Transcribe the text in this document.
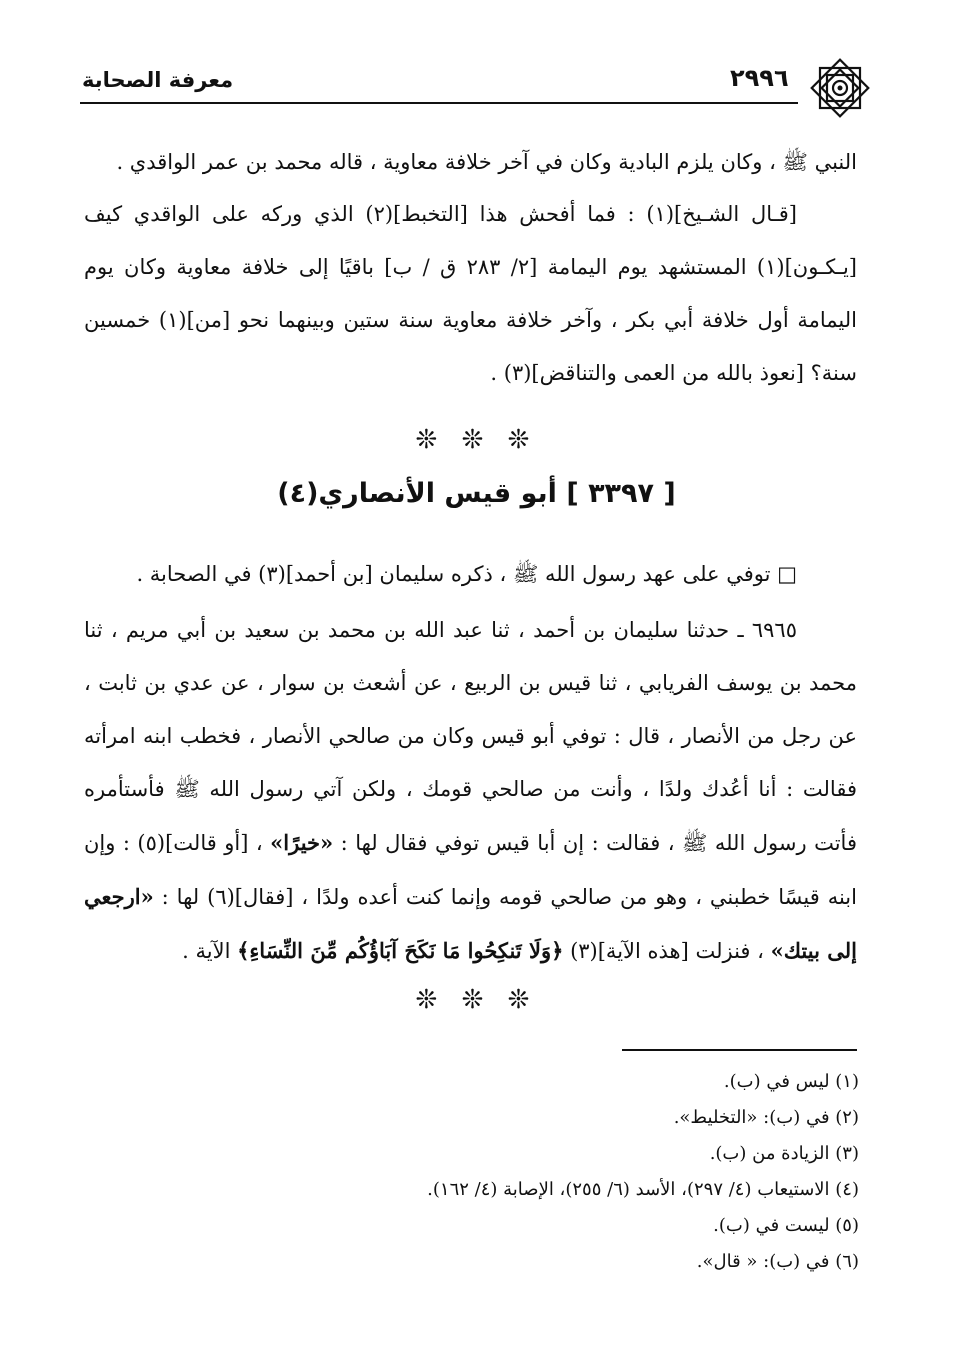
معرفة الصحابة	٢٩٩٦
النبي ﷺ ، وكان يلزم البادية وكان في آخر خلافة معاوية ، قاله محمد بن عمر الواقدي .
[قـال الشـيخ](١) : فما أفحش هذا [التخبط](٢) الذي وركه على الواقدي كيف [يـكـون](١) المستشهد يوم اليمامة [٢/ ٢٨٣ ق / ب] باقيًا إلى خلافة معاوية وكان يوم اليمامة أول خلافة أبي بكر ، وآخر خلافة معاوية سنة ستين وبينهما نحو [من](١) خمسين سنة؟ [نعوذ بالله من العمى والتناقض](٣) .
❊ ❊ ❊
[ ٣٣٩٧ ] أبو قيس الأنصاري(٤)
□ توفي على عهد رسول الله ﷺ ، ذكره سليمان [بن أحمد](٣) في الصحابة .
٦٩٦٥ ـ حدثنا سليمان بن أحمد ، ثنا عبد الله بن محمد بن سعيد بن أبي مريم ، ثنا محمد بن يوسف الفريابي ، ثنا قيس بن الربيع ، عن أشعث بن سوار ، عن عدي بن ثابت ، عن رجل من الأنصار ، قال : توفي أبو قيس وكان من صالحي الأنصار ، فخطب ابنه امرأته فقالت : أنا أعُدك ولدًا ، وأنت من صالحي قومك ، ولكن آتي رسول الله ﷺ فأستأمره فأتت رسول الله ﷺ ، فقالت : إن أبا قيس توفي فقال لها : «خيرًا» ، [أو قالت](٥) : وإن ابنه قيسًا خطبني ، وهو من صالحي قومه وإنما كنت أعده ولدًا ، [فقال](٦) لها : «ارجعي إلى بيتك» ، فنزلت [هذه الآية](٣) ﴿وَلَا تَنكِحُوا مَا نَكَحَ آبَاؤُكُم مِّنَ النِّسَاءِ﴾ الآية .
❊ ❊ ❊
(١) ليس في (ب).
(٢) في (ب): «التخليط».
(٣) الزيادة من (ب).
(٤) الاستيعاب (٤/ ٢٩٧)، الأسد (٦/ ٢٥٥)، الإصابة (٤/ ١٦٢).
(٥) ليست في (ب).
(٦) في (ب): « قال».
